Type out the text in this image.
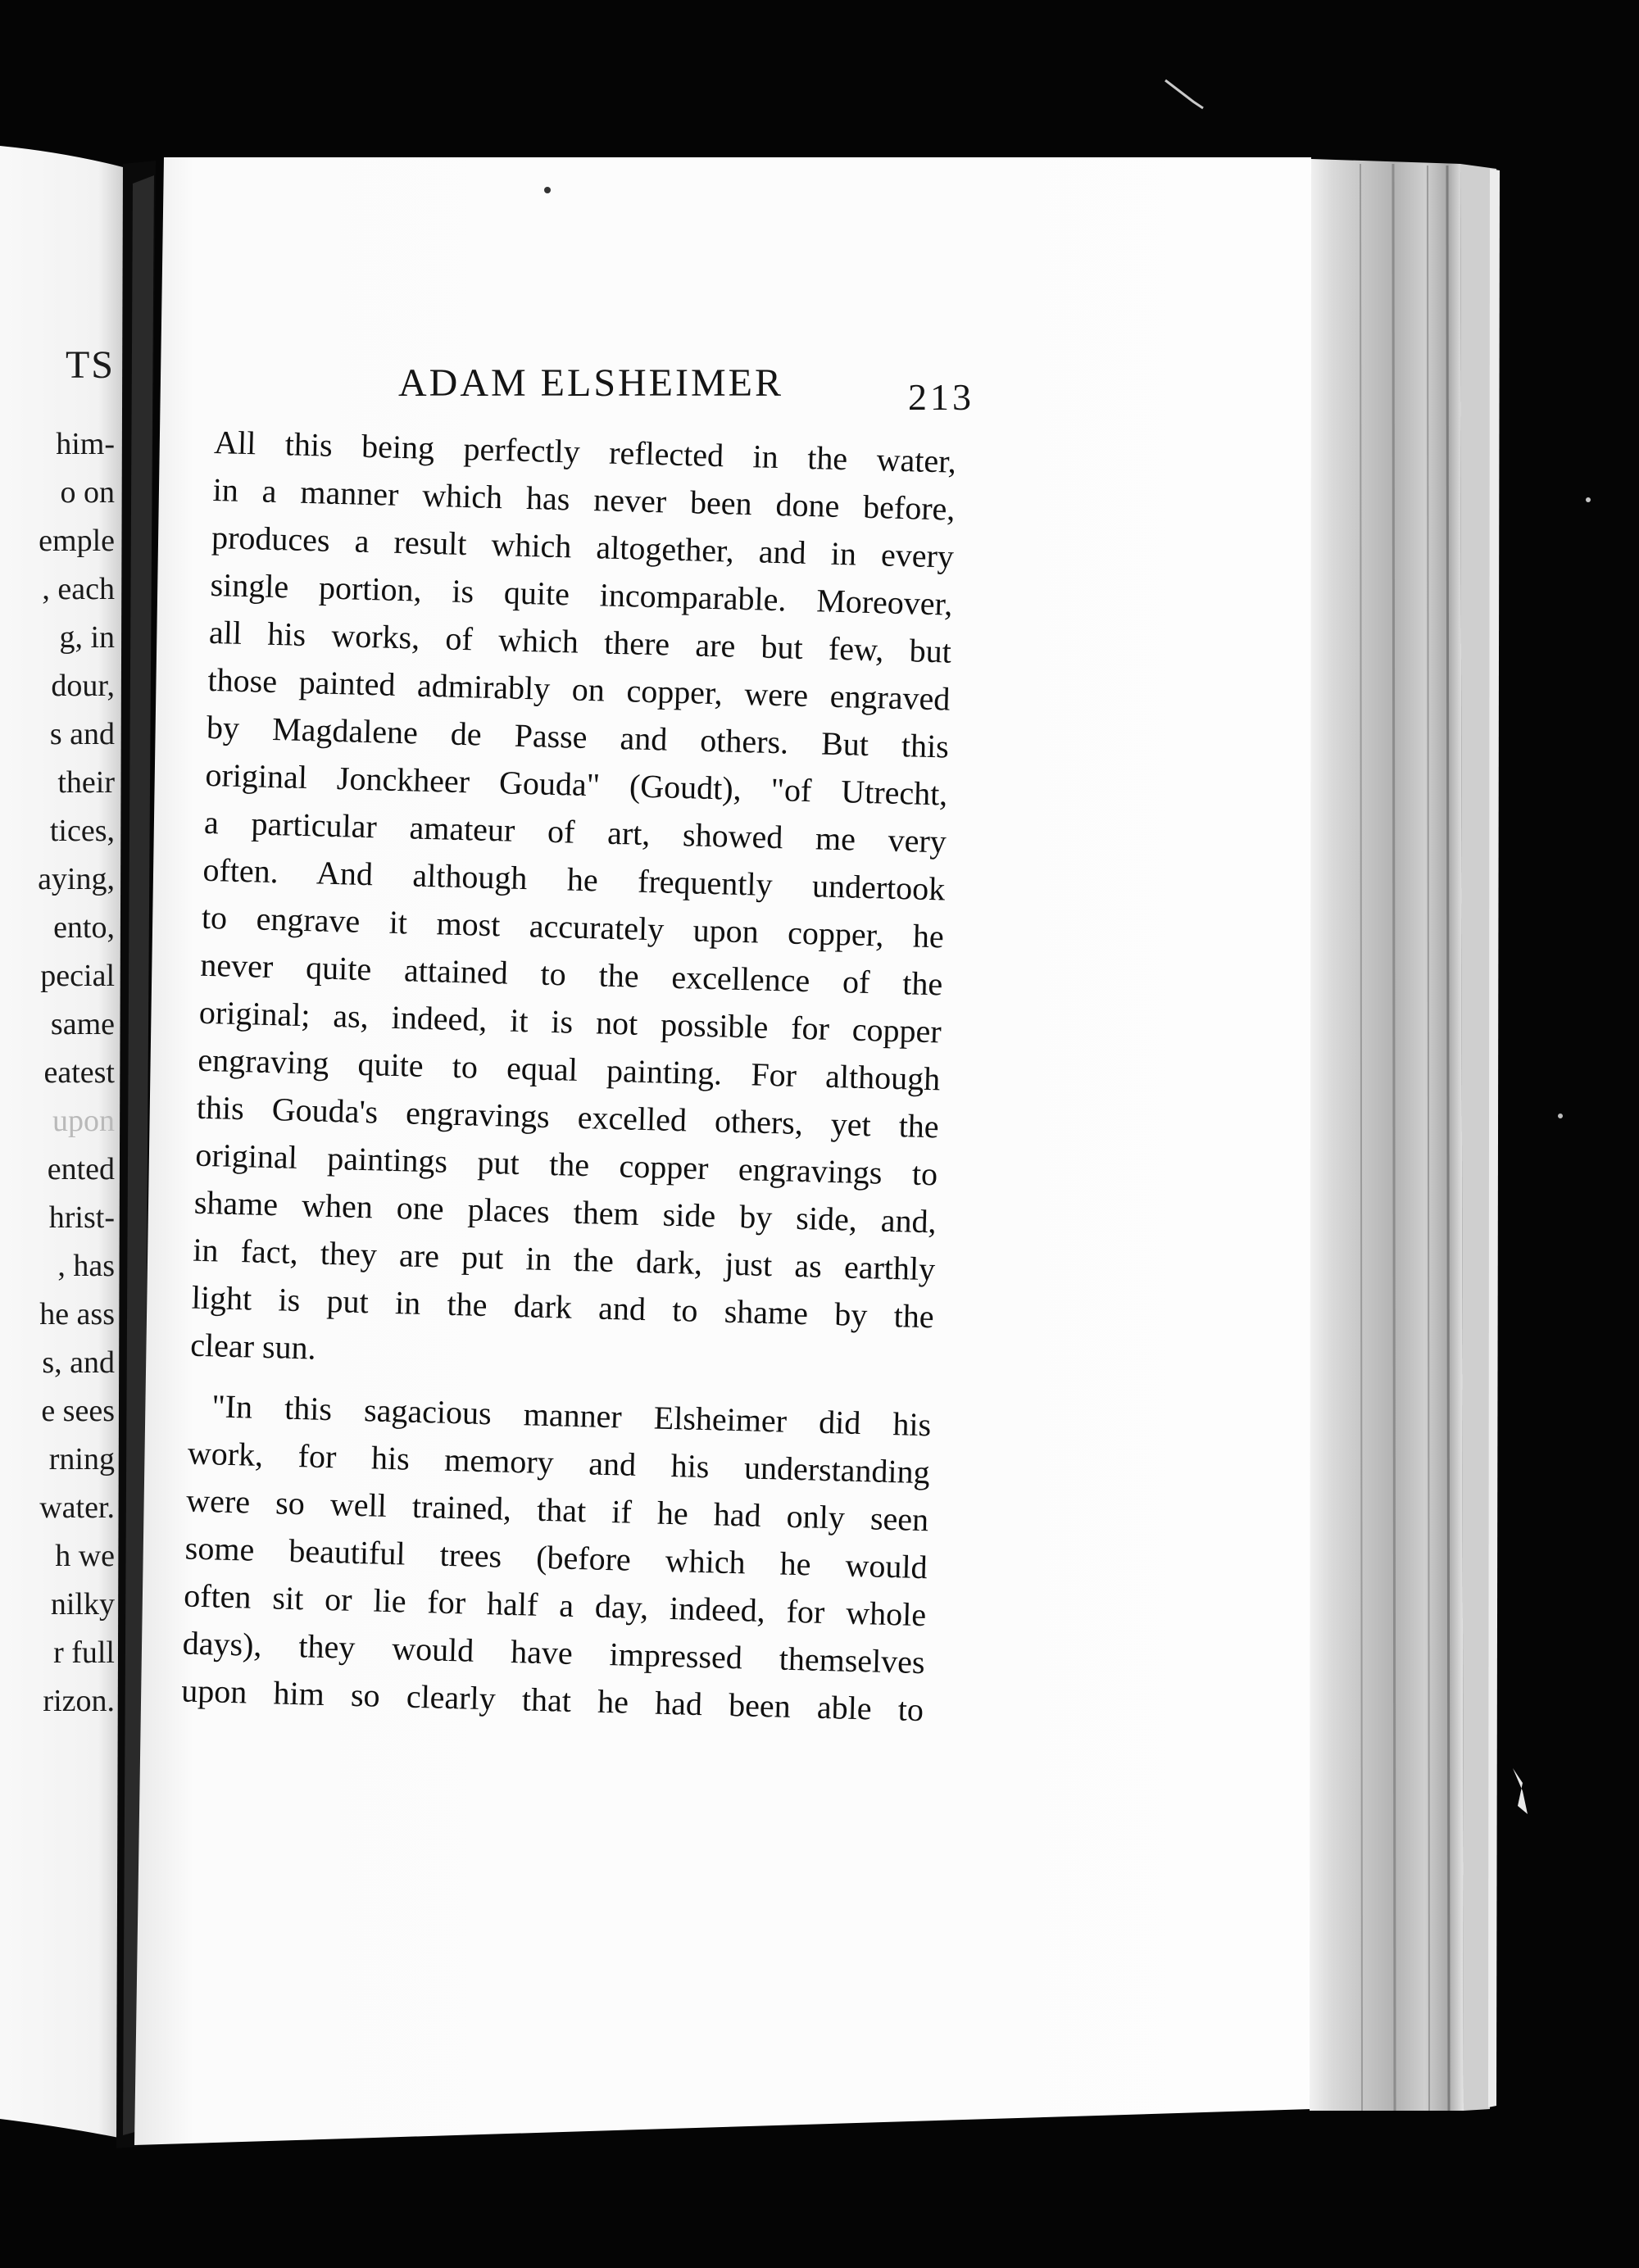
TS
him-
o on
emple
, each
g, in
dour,
s and
their
tices,
aying,
ento,
pecial
same
eatest
upon
ented
hrist-
, has
he ass
s, and
e sees
rning
water.
h we
nilky
r full
rizon.
ADAM ELSHEIMER	213
All this being perfectly reflected in the water,
in a manner which has never been done before,
produces a result which altogether, and in every
single portion, is quite incomparable. Moreover,
all his works, of which there are but few, but
those painted admirably on copper, were engraved
by Magdalene de Passe and others. But this
original Jonckheer Gouda" (Goudt), "of Utrecht,
a particular amateur of art, showed me very
often. And although he frequently undertook
to engrave it most accurately upon copper, he
never quite attained to the excellence of the
original; as, indeed, it is not possible for copper
engraving quite to equal painting. For although
this Gouda's engravings excelled others, yet the
original paintings put the copper engravings to
shame when one places them side by side, and,
in fact, they are put in the dark, just as earthly
light is put in the dark and to shame by the
clear sun.
"In this sagacious manner Elsheimer did his
work, for his memory and his understanding
were so well trained, that if he had only seen
some beautiful trees (before which he would
often sit or lie for half a day, indeed, for whole
days), they would have impressed themselves
upon him so clearly that he had been able to
